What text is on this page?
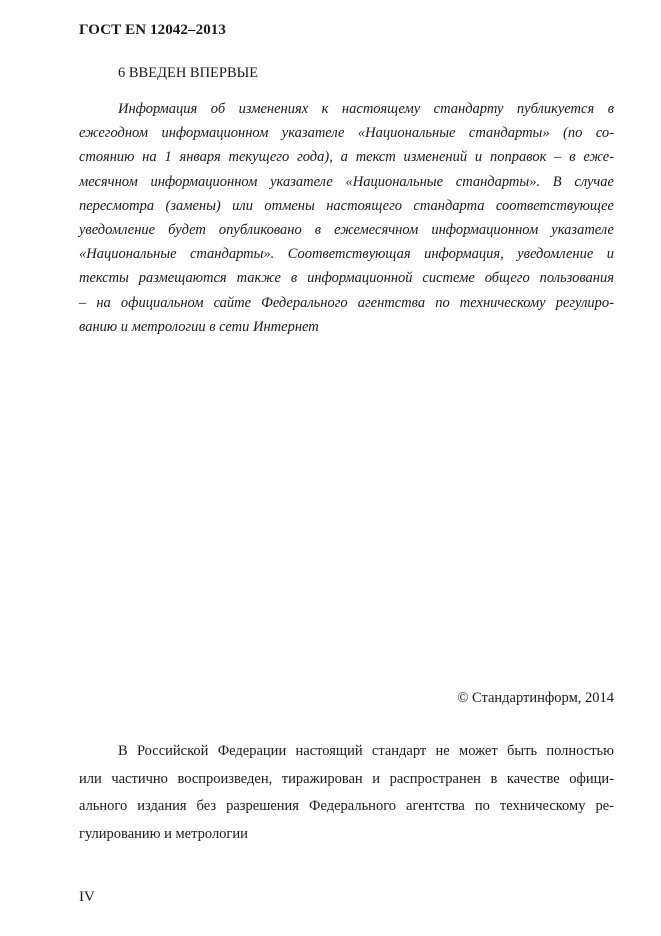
ГОСТ EN 12042–2013
6 ВВЕДЕН ВПЕРВЫЕ
Информация об изменениях к настоящему стандарту публикуется в
ежегодном информационном указателе «Национальные стандарты» (по со-
стоянию на 1 января текущего года), а текст изменений и поправок – в еже-
месячном информационном указателе «Национальные стандарты». В случае
пересмотра (замены) или отмены настоящего стандарта соответствующее
уведомление будет опубликовано в ежемесячном информационном указателе
«Национальные стандарты». Соответствующая информация, уведомление и
тексты размещаются также в информационной системе общего пользования
– на официальном сайте Федерального агентства по техническому регулиро-
ванию и метрологии в сети Интернет
© Стандартинформ, 2014
В Российской Федерации настоящий стандарт не может быть полностью
или частично воспроизведен, тиражирован и распространен в качестве офици-
ального издания без разрешения Федерального агентства по техническому ре-
гулированию и метрологии
IV
